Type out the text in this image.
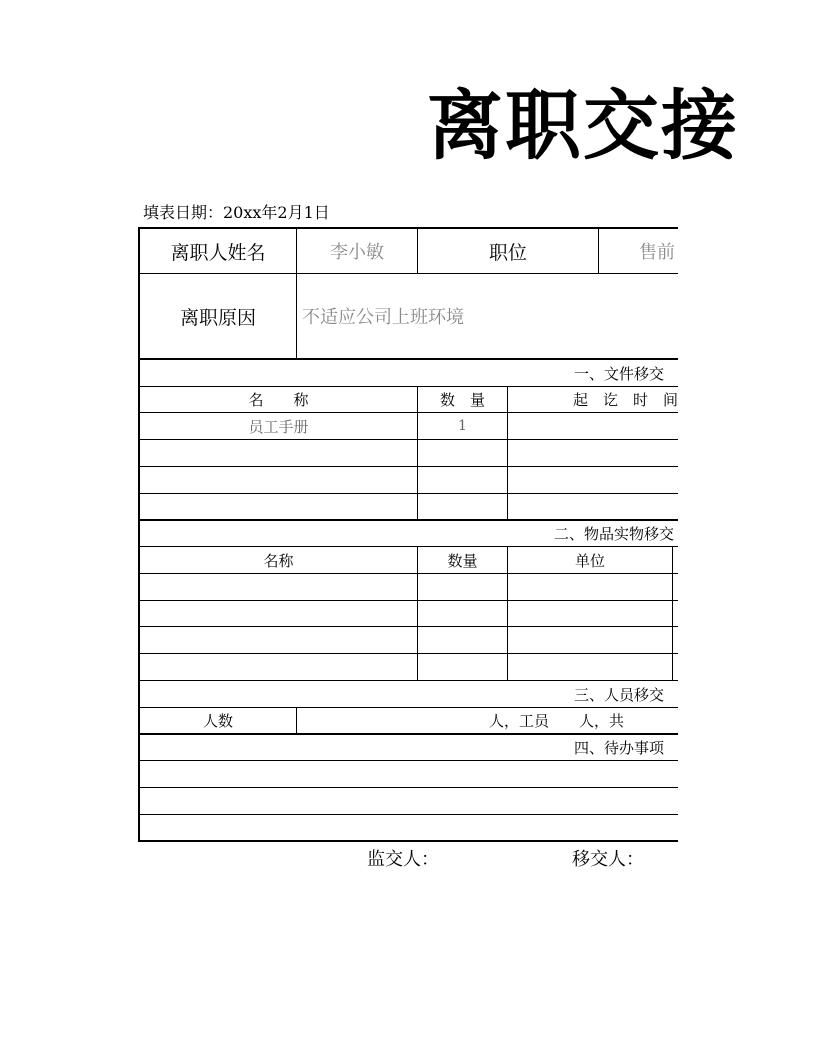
离职交接
填表日期：20xx年2月1日
离职人姓名	李小敏	职位	售前
离职原因	不适应公司上班环境
一、文件移交
名　　称	数　量	起　讫　时　间
员工手册	1
二、物品实物移交
名称	数量	单位
三、人员移交
人数	人，工员　　人，共
四、待办事项
监交人：	移交人：
